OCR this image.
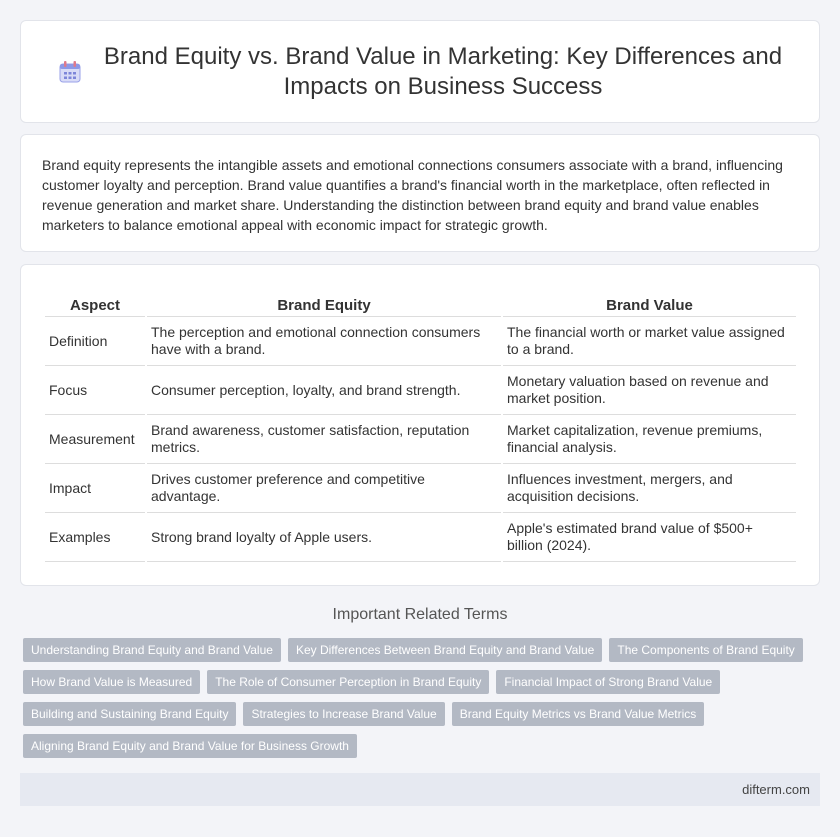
Brand Equity vs. Brand Value in Marketing: Key Differences and Impacts on Business Success

Brand equity represents the intangible assets and emotional connections consumers associate with a brand, influencing customer loyalty and perception. Brand value quantifies a brand's financial worth in the marketplace, often reflected in revenue generation and market share. Understanding the distinction between brand equity and brand value enables marketers to balance emotional appeal with economic impact for strategic growth.

Aspect	Brand Equity	Brand Value
Definition	The perception and emotional connection consumers have with a brand.	The financial worth or market value assigned to a brand.
Focus	Consumer perception, loyalty, and brand strength.	Monetary valuation based on revenue and market position.
Measurement	Brand awareness, customer satisfaction, reputation metrics.	Market capitalization, revenue premiums, financial analysis.
Impact	Drives customer preference and competitive advantage.	Influences investment, mergers, and acquisition decisions.
Examples	Strong brand loyalty of Apple users.	Apple's estimated brand value of $500+ billion (2024).
Important Related Terms
Understanding Brand Equity and Brand Value	Key Differences Between Brand Equity and Brand Value	The Components of Brand Equity
How Brand Value is Measured	The Role of Consumer Perception in Brand Equity	Financial Impact of Strong Brand Value
Building and Sustaining Brand Equity	Strategies to Increase Brand Value	Brand Equity Metrics vs Brand Value Metrics
Aligning Brand Equity and Brand Value for Business Growth
difterm.com
